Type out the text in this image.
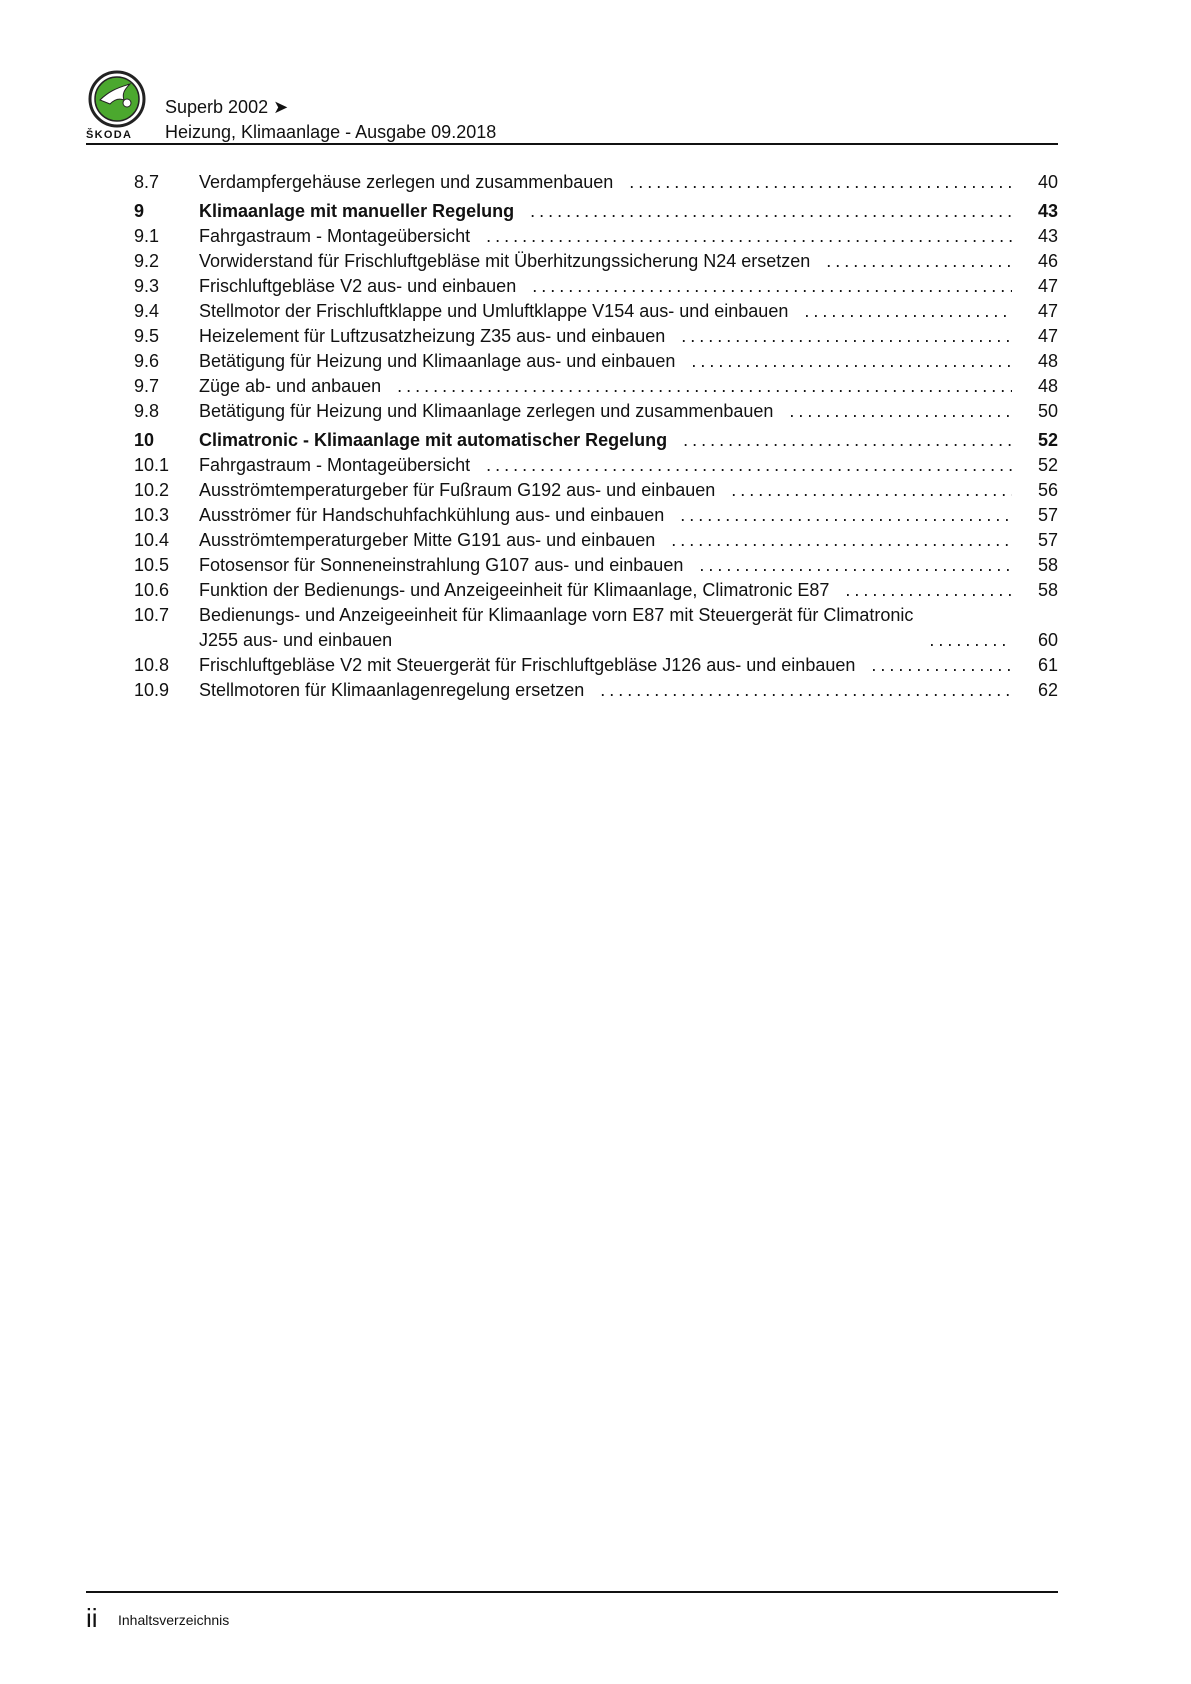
ŠKODA
Superb 2002 ➤
Heizung, Klimaanlage - Ausgabe 09.2018
8.7	Verdampfergehäuse zerlegen und zusammenbauen .....	40
9	Klimaanlage mit manueller Regelung .....	43
9.1	Fahrgastraum - Montageübersicht .....	43
9.2	Vorwiderstand für Frischluftgebläse mit Überhitzungssicherung N24 ersetzen .....	46
9.3	Frischluftgebläse V2 aus- und einbauen .....	47
9.4	Stellmotor der Frischluftklappe und Umluftklappe V154 aus- und einbauen .....	47
9.5	Heizelement für Luftzusatzheizung Z35 aus- und einbauen .....	47
9.6	Betätigung für Heizung und Klimaanlage aus- und einbauen .....	48
9.7	Züge ab- und anbauen .....	48
9.8	Betätigung für Heizung und Klimaanlage zerlegen und zusammenbauen .....	50
10	Climatronic - Klimaanlage mit automatischer Regelung .....	52
10.1	Fahrgastraum - Montageübersicht .....	52
10.2	Ausströmtemperaturgeber für Fußraum G192 aus- und einbauen .....	56
10.3	Ausströmer für Handschuhfachkühlung aus- und einbauen .....	57
10.4	Ausströmtemperaturgeber Mitte G191 aus- und einbauen .....	57
10.5	Fotosensor für Sonneneinstrahlung G107 aus- und einbauen .....	58
10.6	Funktion der Bedienungs- und Anzeigeeinheit für Klimaanlage, Climatronic E87 .....	58
10.7	Bedienungs- und Anzeigeeinheit für Klimaanlage vorn E87 mit Steuergerät für Climatronic
J255 aus- und einbauen .....	60
10.8	Frischluftgebläse V2 mit Steuergerät für Frischluftgebläse J126 aus- und einbauen .....	61
10.9	Stellmotoren für Klimaanlagenregelung ersetzen .....	62
ii Inhaltsverzeichnis
